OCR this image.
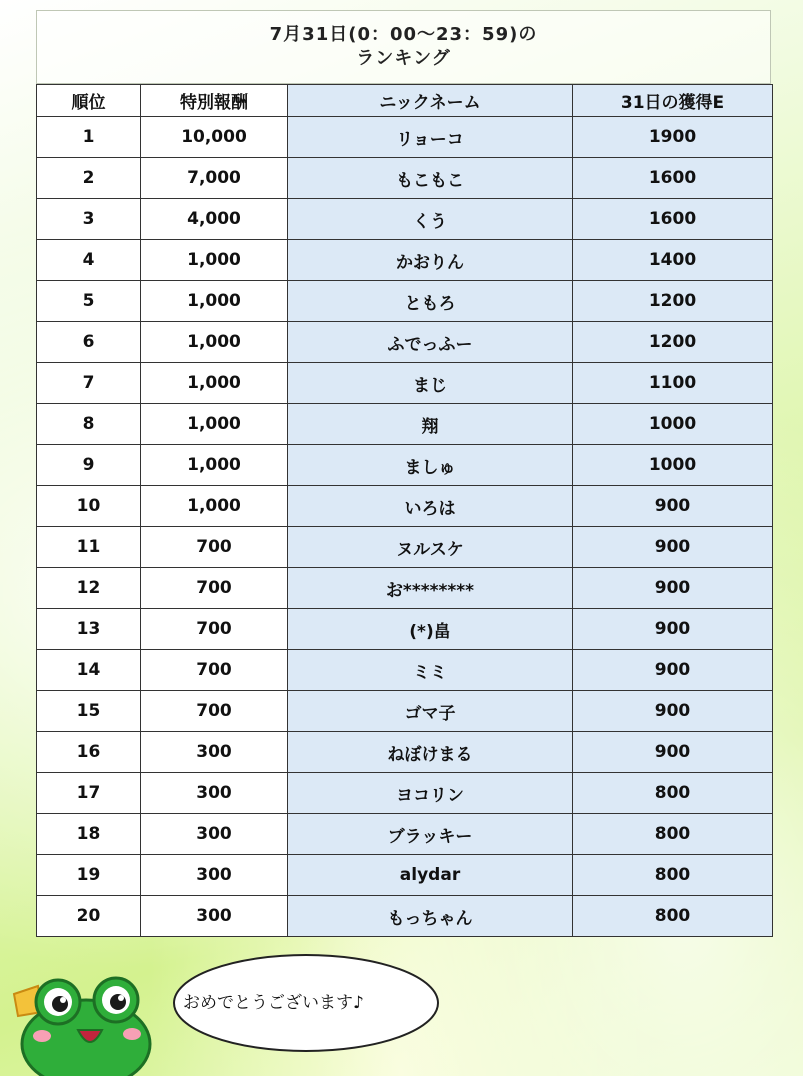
7月31日(0：00～23：59)の
ランキング
順位	特別報酬	ニックネーム	31日の獲得E
1	10,000	リョーコ	1900
2	7,000	もこもこ	1600
3	4,000	くう	1600
4	1,000	かおりん	1400
5	1,000	ともろ	1200
6	1,000	ふでっふー	1200
7	1,000	まじ	1100
8	1,000	翔	1000
9	1,000	ましゅ	1000
10	1,000	いろは	900
11	700	ヌルスケ	900
12	700	お********	900
13	700	(*)畠	900
14	700	ミミ	900
15	700	ゴマ子	900
16	300	ねぼけまる	900
17	300	ヨコリン	800
18	300	ブラッキー	800
19	300	alydar	800
20	300	もっちゃん	800
おめでとうございます♪
